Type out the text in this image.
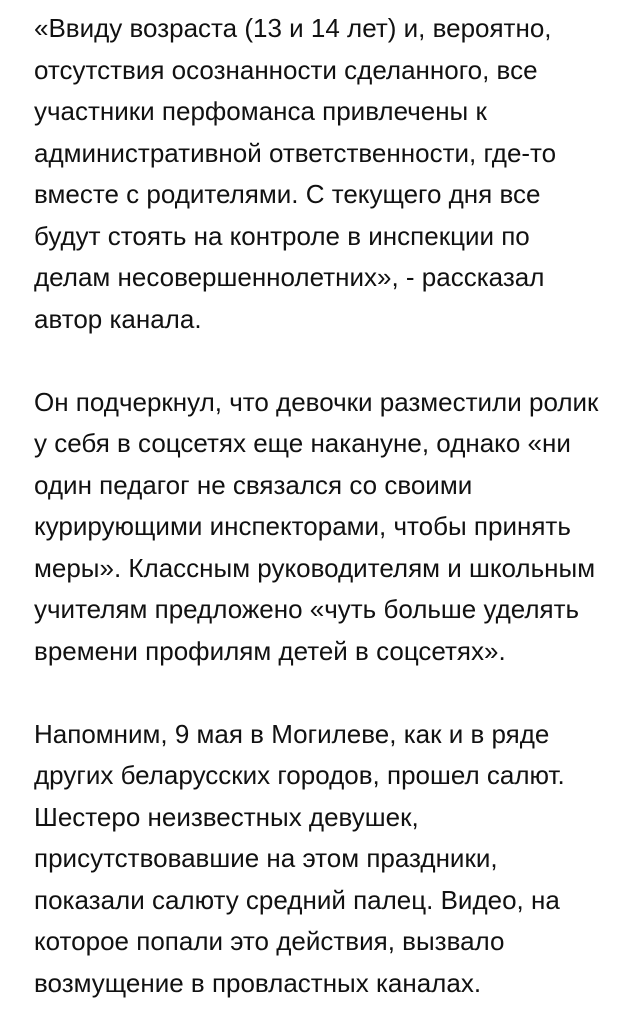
«Ввиду возраста (13 и 14 лет) и, вероятно,
отсутствия осознанности сделанного, все
участники перфоманса привлечены к
административной ответственности, где-то
вместе с родителями. С текущего дня все
будут стоять на контроле в инспекции по
делам несовершеннолетних», - рассказал
автор канала.

Он подчеркнул, что девочки разместили ролик
у себя в соцсетях еще накануне, однако «ни
один педагог не связался со своими
курирующими инспекторами, чтобы принять
меры». Классным руководителям и школьным
учителям предложено «чуть больше уделять
времени профилям детей в соцсетях».

Напомним, 9 мая в Могилеве, как и в ряде
других беларусских городов, прошел салют.
Шестеро неизвестных девушек,
присутствовавшие на этом праздники,
показали салюту средний палец. Видео, на
которое попали это действия, вызвало
возмущение в провластных каналах.
